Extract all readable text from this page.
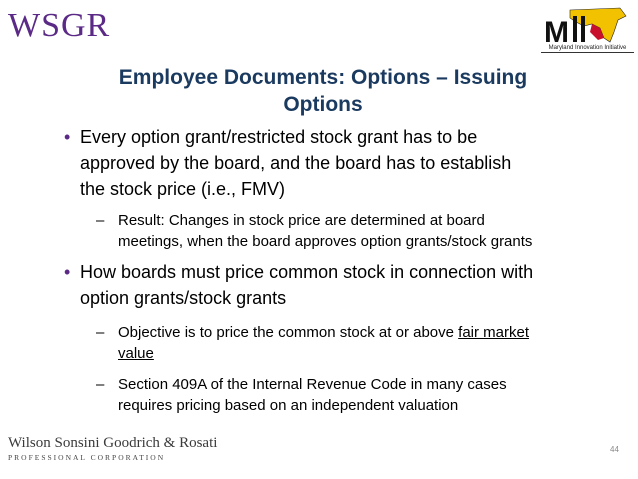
WSGR	M
Maryland Innovation Initiative
Employee Documents: Options – Issuing
Options
• Every option grant/restricted stock grant has to be
approved by the board, and the board has to establish
the stock price (i.e., FMV)
– Result: Changes in stock price are determined at board
meetings, when the board approves option grants/stock grants
• How boards must price common stock in connection with
option grants/stock grants
– Objective is to price the common stock at or above fair market
value
– Section 409A of the Internal Revenue Code in many cases
requires pricing based on an independent valuation
Wilson Sonsini Goodrich & Rosati
PROFESSIONAL CORPORATION
44
